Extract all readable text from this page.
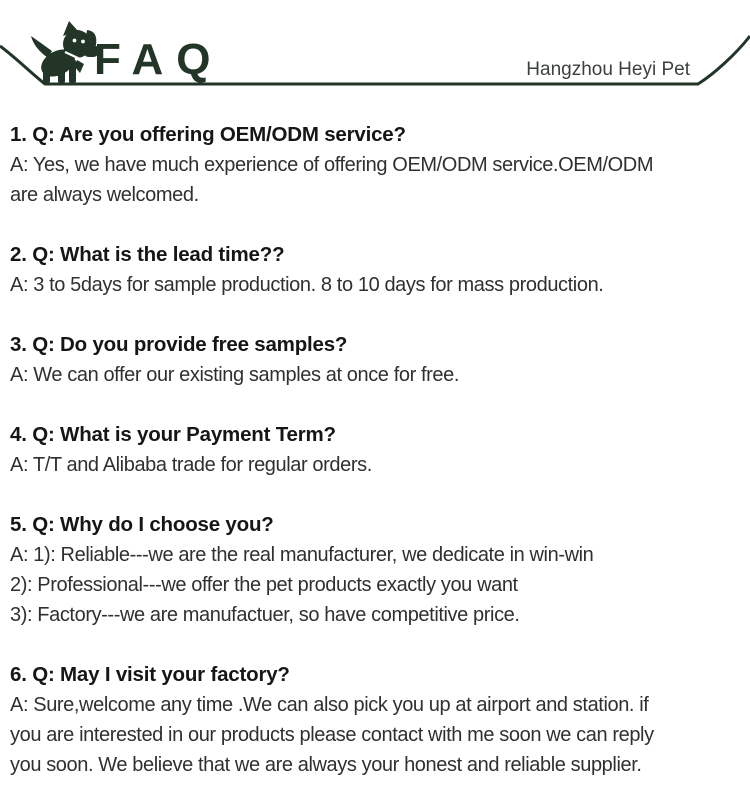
FAQ	Hangzhou Heyi Pet
1. Q: Are you offering OEM/ODM service?
A: Yes, we have much experience of offering OEM/ODM service.OEM/ODM
are always welcomed.
2. Q: What is the lead time??
A: 3 to 5days for sample production. 8 to 10 days for mass production.
3. Q: Do you provide free samples?
A: We can offer our existing samples at once for free.
4. Q: What is your Payment Term?
A: T/T and Alibaba trade for regular orders.
5. Q: Why do I choose you?
A: 1): Reliable---we are the real manufacturer, we dedicate in win-win
2): Professional---we offer the pet products exactly you want
3): Factory---we are manufactuer, so have competitive price.
6. Q: May I visit your factory?
A: Sure,welcome any time .We can also pick you up at airport and station. if
you are interested in our products please contact with me soon we can reply
you soon. We believe that we are always your honest and reliable supplier.
